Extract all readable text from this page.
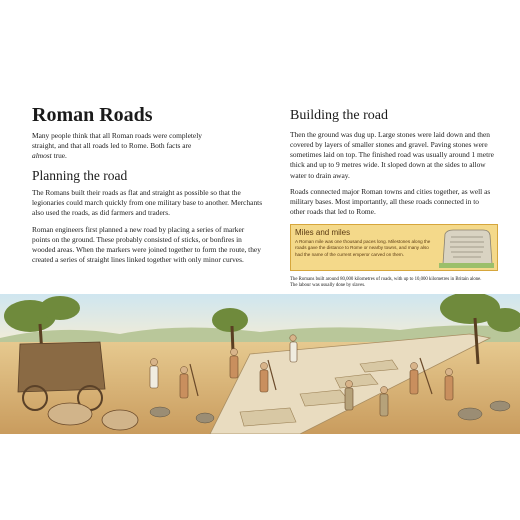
Roman Roads

Many people think that all Roman roads were completely
straight, and that all roads led to Rome. Both facts are
almost true.

Planning the road

The Romans built their roads as flat and straight as possible so that the legionaries could march quickly from one military base to another. Merchants also used the roads, as did farmers and traders.

Roman engineers first planned a new road by placing a series of marker points on the ground. These probably consisted of sticks, or bonfires in wooded areas. When the markers were joined together to form the route, they created a series of straight lines linked together with only minor curves.

Building the road

Then the ground was dug up. Large stones were laid down and then covered by layers of smaller stones and gravel. Paving stones were sometimes laid on top. The finished road was usually around 1 metre thick and up to 9 metres wide. It sloped down at the sides to allow water to drain away.

Roads connected major Roman towns and cities together, as well as military bases. Most importantly, all these roads connected in to other roads that led to Rome.

Miles and miles

A Roman mile was one thousand paces long. Milestones along the roads gave the distance to Rome or nearby towns, and many also had the name of the current emperor carved on them.

The Romans built around 80,000 kilometres of roads, with up to 10,000 kilometres in Britain alone. The labour was usually done by slaves.
